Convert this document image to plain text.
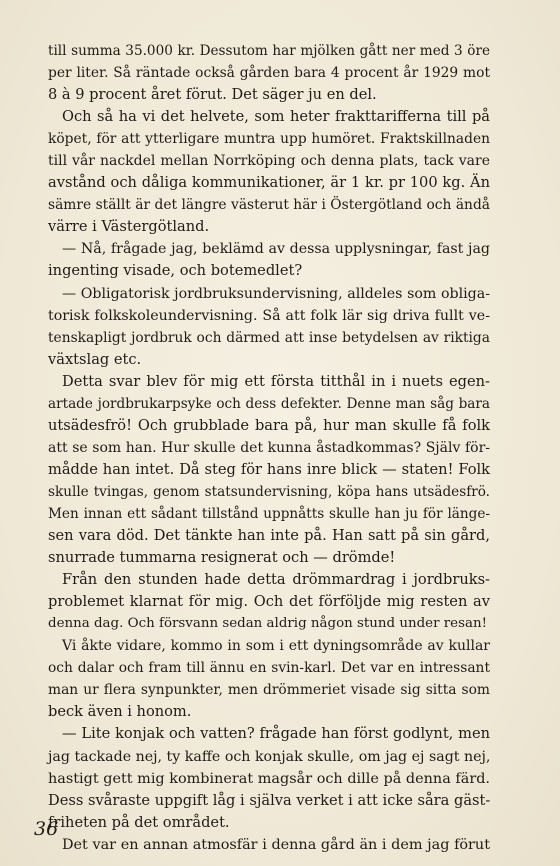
till summa 35.000 kr. Dessutom har mjölken gått ner med 3 öre
per liter. Så räntade också gården bara 4 procent år 1929 mot
8 à 9 procent året förut. Det säger ju en del.
Och så ha vi det helvete, som heter frakttarifferna till på
köpet, för att ytterligare muntra upp humöret. Fraktskillnaden
till vår nackdel mellan Norrköping och denna plats, tack vare
avstånd och dåliga kommunikationer, är 1 kr. pr 100 kg. Än
sämre ställt är det längre västerut här i Östergötland och ändå
värre i Västergötland.
— Nå, frågade jag, beklämd av dessa upplysningar, fast jag
ingenting visade, och botemedlet?
— Obligatorisk jordbruksundervisning, alldeles som obliga-
torisk folkskoleundervisning. Så att folk lär sig driva fullt ve-
tenskapligt jordbruk och därmed att inse betydelsen av riktiga
växtslag etc.
Detta svar blev för mig ett första titthål in i nuets egen-
artade jordbrukarpsyke och dess defekter. Denne man såg bara
utsädesfrö! Och grubblade bara på, hur man skulle få folk
att se som han. Hur skulle det kunna åstadkommas? Själv för-
mådde han intet. Då steg för hans inre blick — staten! Folk
skulle tvingas, genom statsundervisning, köpa hans utsädesfrö.
Men innan ett sådant tillstånd uppnåtts skulle han ju för länge-
sen vara död. Det tänkte han inte på. Han satt på sin gård,
snurrade tummarna resignerat och — drömde!
Från den stunden hade detta drömmardrag i jordbruks-
problemet klarnat för mig. Och det förföljde mig resten av
denna dag. Och försvann sedan aldrig någon stund under resan!
Vi åkte vidare, kommo in som i ett dyningsområde av kullar
och dalar och fram till ännu en svin-karl. Det var en intressant
man ur flera synpunkter, men drömmeriet visade sig sitta som
beck även i honom.
— Lite konjak och vatten? frågade han först godlynt, men
jag tackade nej, ty kaffe och konjak skulle, om jag ej sagt nej,
hastigt gett mig kombinerat magsår och dille på denna färd.
Dess svåraste uppgift låg i själva verket i att icke såra gäst-
friheten på det området.
Det var en annan atmosfär i denna gård än i dem jag förut
36
